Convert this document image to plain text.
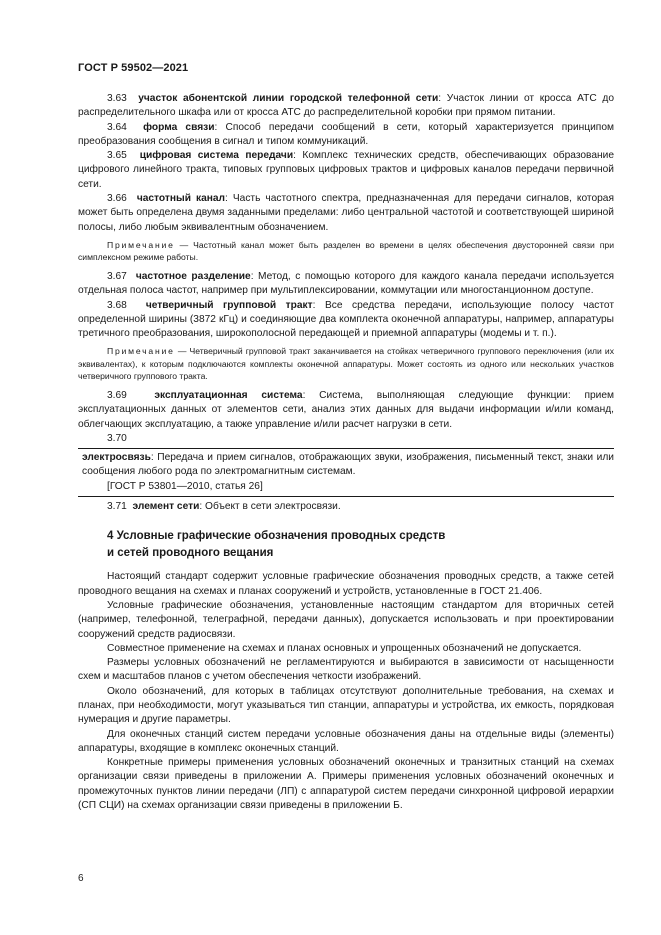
ГОСТ Р 59502—2021

3.63 участок абонентской линии городской телефонной сети: Участок линии от кросса АТС до распределительного шкафа или от кросса АТС до распределительной коробки при прямом питании.

3.64 форма связи: Способ передачи сообщений в сети, который характеризуется принципом преобразования сообщения в сигнал и типом коммуникаций.

3.65 цифровая система передачи: Комплекс технических средств, обеспечивающих образование цифрового линейного тракта, типовых групповых цифровых трактов и цифровых каналов передачи первичной сети.

3.66 частотный канал: Часть частотного спектра, предназначенная для передачи сигналов, которая может быть определена двумя заданными пределами: либо центральной частотой и соответствующей шириной полосы, либо любым эквивалентным обозначением.

Примечание — Частотный канал может быть разделен во времени в целях обеспечения двусторонней связи при симплексном режиме работы.

3.67 частотное разделение: Метод, с помощью которого для каждого канала передачи используется отдельная полоса частот, например при мультиплексировании, коммутации или многостанционном доступе.

3.68 четверичный групповой тракт: Все средства передачи, использующие полосу частот определенной ширины (3872 кГц) и соединяющие два комплекта оконечной аппаратуры, например, аппаратуры третичного преобразования, широкополосной передающей и приемной аппаратуры (модемы и т. п.).

Примечание — Четверичный групповой тракт заканчивается на стойках четверичного группового переключения (или их эквивалентах), к которым подключаются комплекты оконечной аппаратуры. Может состоять из одного или нескольких участков четверичного группового тракта.

3.69	эксплуатационная система: Система, выполняющая следующие функции: прием эксплуатационных данных от элементов сети, анализ этих данных для выдачи информации и/или команд, облегчающих эксплуатацию, а также управление и/или расчет нагрузки в сети.

3.70

электросвязь: Передача и прием сигналов, отображающих звуки, изображения, письменный текст, знаки или сообщения любого рода по электромагнитным системам.
[ГОСТ Р 53801—2010, статья 26]

3.71 элемент сети: Объект в сети электросвязи.

4 Условные графические обозначения проводных средств
и сетей проводного вещания

Настоящий стандарт содержит условные графические обозначения проводных средств, а также сетей проводного вещания на схемах и планах сооружений и устройств, установленные в ГОСТ 21.406.

Условные графические обозначения, установленные настоящим стандартом для вторичных сетей (например, телефонной, телеграфной, передачи данных), допускается использовать и при проектировании сооружений средств радиосвязи.

Совместное применение на схемах и планах основных и упрощенных обозначений не допускается.

Размеры условных обозначений не регламентируются и выбираются в зависимости от насыщенности схем и масштабов планов с учетом обеспечения четкости изображений.

Около обозначений, для которых в таблицах отсутствуют дополнительные требования, на схемах и планах, при необходимости, могут указываться тип станции, аппаратуры и устройства, их емкость, порядковая нумерация и другие параметры.

Для оконечных станций систем передачи условные обозначения даны на отдельные виды (элементы) аппаратуры, входящие в комплекс оконечных станций.

Конкретные примеры применения условных обозначений оконечных и транзитных станций на схемах организации связи приведены в приложении А. Примеры применения условных обозначений оконечных и промежуточных пунктов линии передачи (ЛП) с аппаратурой систем передачи синхронной цифровой иерархии (СП СЦИ) на схемах организации связи приведены в приложении Б.

6
